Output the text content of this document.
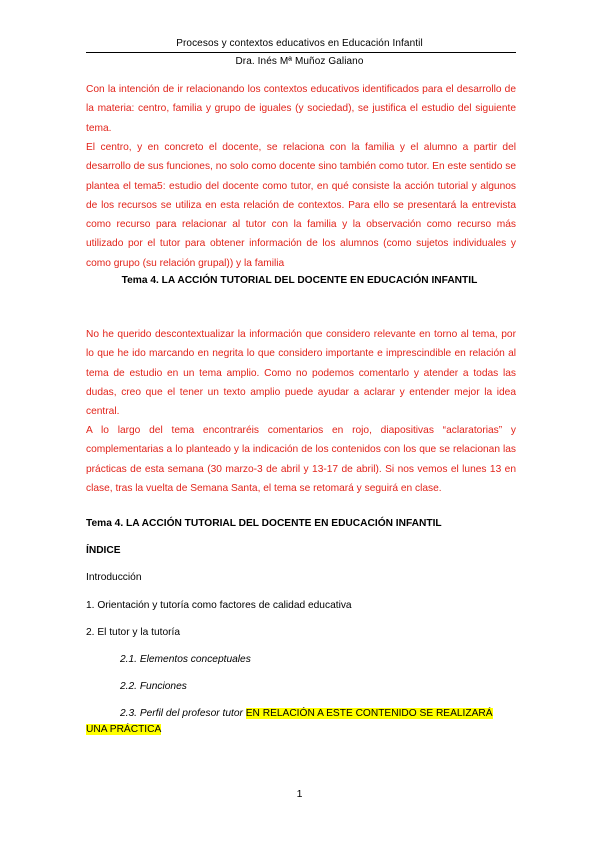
Procesos y contextos educativos en Educación Infantil
Dra. Inés Mª Muñoz Galiano
Con la intención de ir relacionando los contextos educativos identificados para el desarrollo de la materia: centro, familia y grupo de iguales (y sociedad), se justifica el estudio del siguiente tema.
El centro, y en concreto el docente, se relaciona con la familia y el alumno a partir del desarrollo de sus funciones, no solo como docente sino también como tutor. En este sentido se plantea el tema5: estudio del docente como tutor, en qué consiste la acción tutorial y algunos de los recursos se utiliza en esta relación de contextos. Para ello se presentará la entrevista como recurso para relacionar al tutor con la familia y la observación como recurso más utilizado por el tutor para obtener información de los alumnos (como sujetos individuales y como grupo (su relación grupal)) y la familia
Tema 4. LA ACCIÓN TUTORIAL DEL DOCENTE EN EDUCACIÓN INFANTIL
No he querido descontextualizar la información que considero relevante en torno al tema, por lo que he ido marcando en negrita lo que considero importante e imprescindible en relación al tema de estudio en un tema amplio. Como no podemos comentarlo y atender a todas las dudas, creo que el tener un texto amplio puede ayudar a aclarar y entender mejor la idea central.
A lo largo del tema encontraréis comentarios en rojo, diapositivas “aclaratorias” y complementarias a lo planteado y la indicación de los contenidos con los que se relacionan las prácticas de esta semana (30 marzo-3 de abril y 13-17 de abril). Si nos vemos el lunes 13 en clase, tras la vuelta de Semana Santa, el tema se retomará y seguirá en clase.
Tema 4. LA ACCIÓN TUTORIAL DEL DOCENTE EN EDUCACIÓN INFANTIL
ÍNDICE
Introducción
1. Orientación y tutoría como factores de calidad educativa
2. El tutor y la tutoría
2.1. Elementos conceptuales
2.2. Funciones
2.3. Perfil del profesor tutor EN RELACIÓN A ESTE CONTENIDO SE REALIZARÁ
UNA PRÁCTICA
1
